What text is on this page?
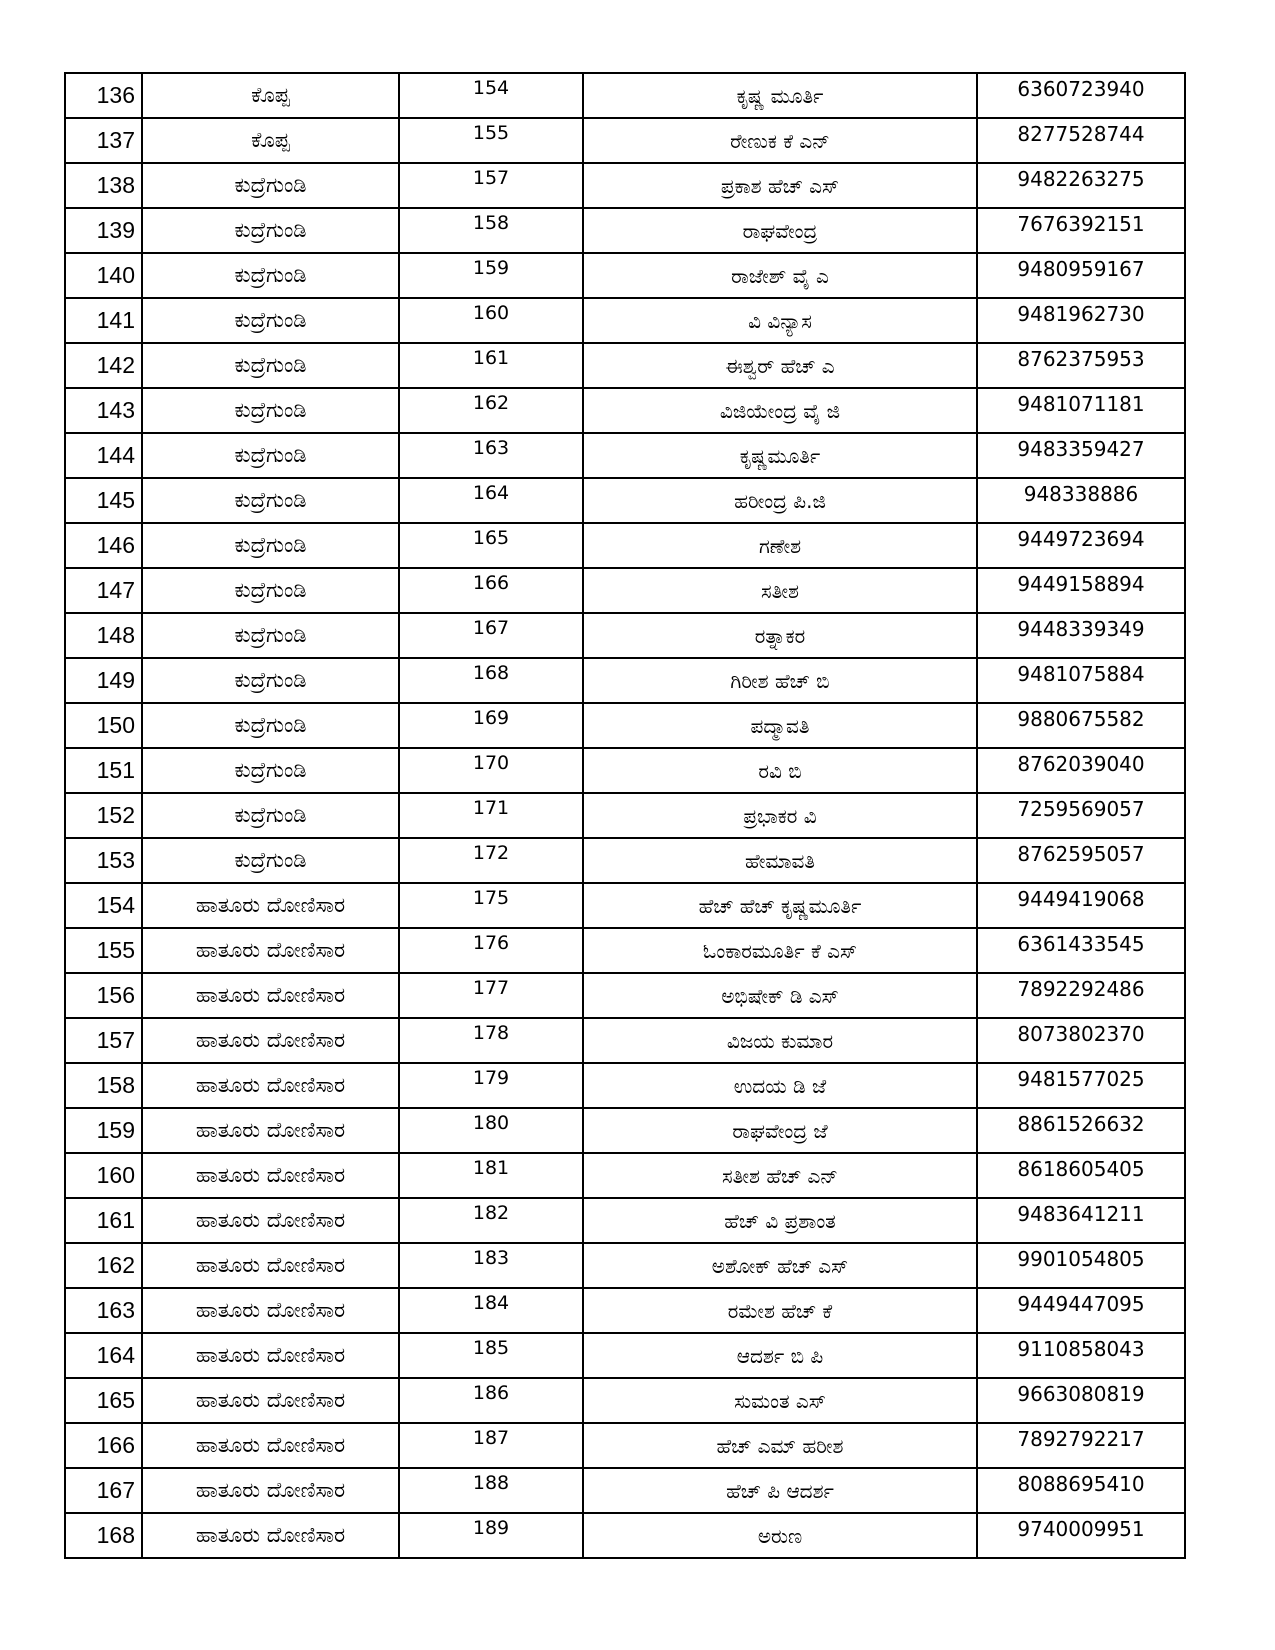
136	ಕೊಪ್ಪ	154	ಕೃಷ್ಣ ಮೂರ್ತಿ	6360723940
137	ಕೊಪ್ಪ	155	ರೇಣುಕ ಕೆ ಎನ್	8277528744
138	ಕುದ್ರೆಗುಂಡಿ	157	ಪ್ರಕಾಶ ಹೆಚ್ ಎಸ್	9482263275
139	ಕುದ್ರೆಗುಂಡಿ	158	ರಾಘವೇಂದ್ರ	7676392151
140	ಕುದ್ರೆಗುಂಡಿ	159	ರಾಜೇಶ್ ವೈ ಎ	9480959167
141	ಕುದ್ರೆಗುಂಡಿ	160	ವಿ ವಿನ್ಯಾಸ	9481962730
142	ಕುದ್ರೆಗುಂಡಿ	161	ಈಶ್ವರ್ ಹೆಚ್ ಎ	8762375953
143	ಕುದ್ರೆಗುಂಡಿ	162	ವಿಜಿಯೇಂದ್ರ ವೈ ಜಿ	9481071181
144	ಕುದ್ರೆಗುಂಡಿ	163	ಕೃಷ್ಣಮೂರ್ತಿ	9483359427
145	ಕುದ್ರೆಗುಂಡಿ	164	ಹರೀಂದ್ರ ಪಿ.ಜಿ	948338886
146	ಕುದ್ರೆಗುಂಡಿ	165	ಗಣೇಶ	9449723694
147	ಕುದ್ರೆಗುಂಡಿ	166	ಸತೀಶ	9449158894
148	ಕುದ್ರೆಗುಂಡಿ	167	ರತ್ನಾಕರ	9448339349
149	ಕುದ್ರೆಗುಂಡಿ	168	ಗಿರೀಶ ಹೆಚ್ ಬಿ	9481075884
150	ಕುದ್ರೆಗುಂಡಿ	169	ಪದ್ಮಾವತಿ	9880675582
151	ಕುದ್ರೆಗುಂಡಿ	170	ರವಿ ಬಿ	8762039040
152	ಕುದ್ರೆಗುಂಡಿ	171	ಪ್ರಭಾಕರ ವಿ	7259569057
153	ಕುದ್ರೆಗುಂಡಿ	172	ಹೇಮಾವತಿ	8762595057
154	ಹಾತೂರು ದೋಣಿಸಾರ	175	ಹೆಚ್ ಹೆಚ್ ಕೃಷ್ಣಮೂರ್ತಿ	9449419068
155	ಹಾತೂರು ದೋಣಿಸಾರ	176	ಓಂಕಾರಮೂರ್ತಿ ಕೆ ಎಸ್	6361433545
156	ಹಾತೂರು ದೋಣಿಸಾರ	177	ಅಭಿಷೇಕ್ ಡಿ ಎಸ್	7892292486
157	ಹಾತೂರು ದೋಣಿಸಾರ	178	ವಿಜಯ ಕುಮಾರ	8073802370
158	ಹಾತೂರು ದೋಣಿಸಾರ	179	ಉದಯ ಡಿ ಜೆ	9481577025
159	ಹಾತೂರು ದೋಣಿಸಾರ	180	ರಾಘವೇಂದ್ರ ಜೆ	8861526632
160	ಹಾತೂರು ದೋಣಿಸಾರ	181	ಸತೀಶ ಹೆಚ್ ಎನ್	8618605405
161	ಹಾತೂರು ದೋಣಿಸಾರ	182	ಹೆಚ್ ವಿ ಪ್ರಶಾಂತ	9483641211
162	ಹಾತೂರು ದೋಣಿಸಾರ	183	ಅಶೋಕ್ ಹೆಚ್ ಎಸ್	9901054805
163	ಹಾತೂರು ದೋಣಿಸಾರ	184	ರಮೇಶ ಹೆಚ್ ಕೆ	9449447095
164	ಹಾತೂರು ದೋಣಿಸಾರ	185	ಆದರ್ಶ ಬಿ ಪಿ	9110858043
165	ಹಾತೂರು ದೋಣಿಸಾರ	186	ಸುಮಂತ ಎಸ್	9663080819
166	ಹಾತೂರು ದೋಣಿಸಾರ	187	ಹೆಚ್ ಎಮ್ ಹರೀಶ	7892792217
167	ಹಾತೂರು ದೋಣಿಸಾರ	188	ಹೆಚ್ ಪಿ ಆದರ್ಶ	8088695410
168	ಹಾತೂರು ದೋಣಿಸಾರ	189	ಅರುಣ	9740009951
